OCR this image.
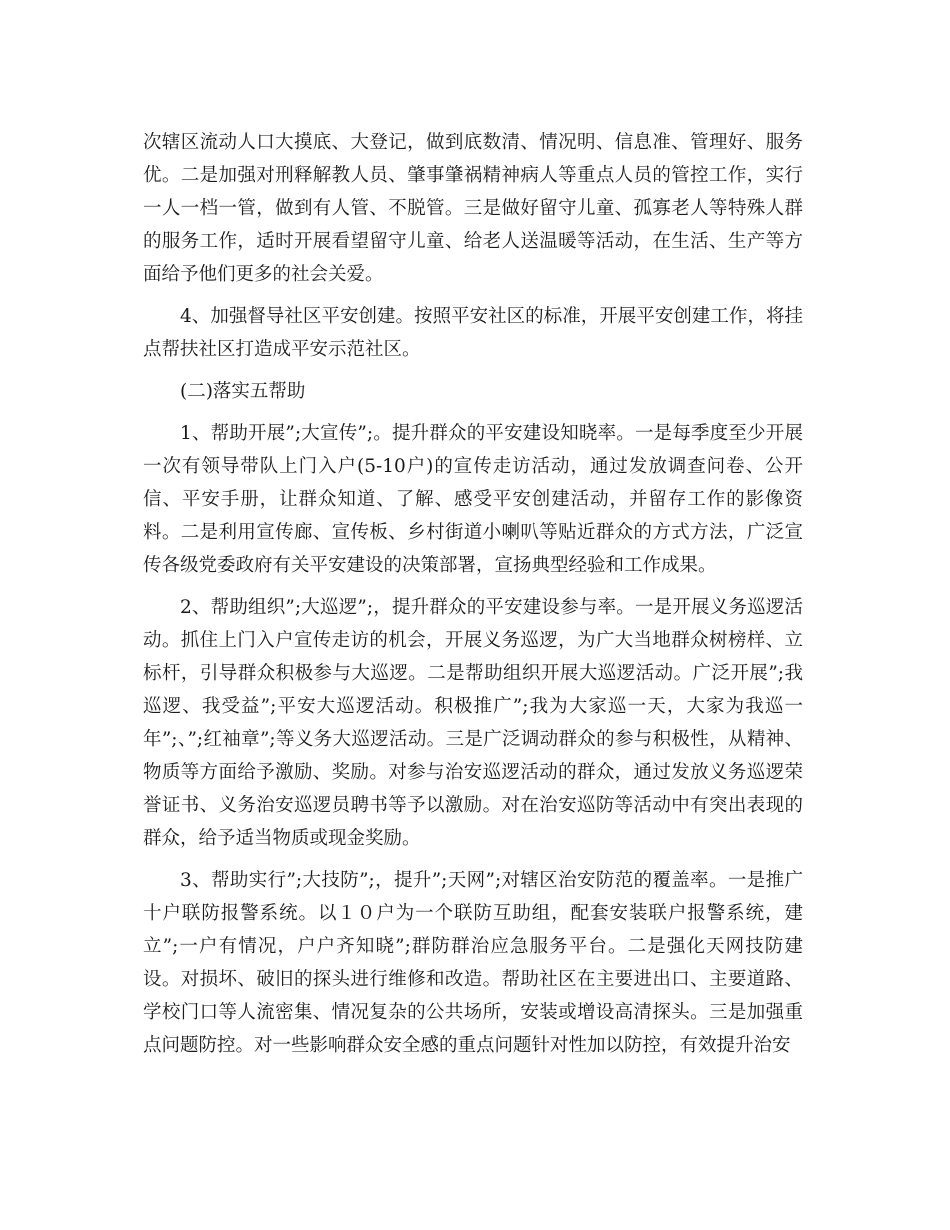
次辖区流动人口大摸底、大登记，做到底数清、情况明、信息准、管理好、服务优。二是加强对刑释解教人员、肇事肇祸精神病人等重点人员的管控工作，实行一人一档一管，做到有人管、不脱管。三是做好留守儿童、孤寡老人等特殊人群的服务工作，适时开展看望留守儿童、给老人送温暖等活动，在生活、生产等方面给予他们更多的社会关爱。

4、加强督导社区平安创建。按照平安社区的标准，开展平安创建工作，将挂点帮扶社区打造成平安示范社区。

(二)落实五帮助

1、帮助开展”;大宣传”;。提升群众的平安建设知晓率。一是每季度至少开展一次有领导带队上门入户(5-10户)的宣传走访活动，通过发放调查问卷、公开信、平安手册，让群众知道、了解、感受平安创建活动，并留存工作的影像资料。二是利用宣传廊、宣传板、乡村街道小喇叭等贴近群众的方式方法，广泛宣传各级党委政府有关平安建设的决策部署，宣扬典型经验和工作成果。

2、帮助组织”;大巡逻”;，提升群众的平安建设参与率。一是开展义务巡逻活动。抓住上门入户宣传走访的机会，开展义务巡逻，为广大当地群众树榜样、立标杆，引导群众积极参与大巡逻。二是帮助组织开展大巡逻活动。广泛开展”;我巡逻、我受益”;平安大巡逻活动。积极推广”;我为大家巡一天，大家为我巡一年”;、”;红袖章”;等义务大巡逻活动。三是广泛调动群众的参与积极性，从精神、物质等方面给予激励、奖励。对参与治安巡逻活动的群众，通过发放义务巡逻荣誉证书、义务治安巡逻员聘书等予以激励。对在治安巡防等活动中有突出表现的群众，给予适当物质或现金奖励。

3、帮助实行”;大技防”;，提升”;天网”;对辖区治安防范的覆盖率。一是推广十户联防报警系统。以１０户为一个联防互助组，配套安装联户报警系统，建立”;一户有情况，户户齐知晓”;群防群治应急服务平台。二是强化天网技防建设。对损坏、破旧的探头进行维修和改造。帮助社区在主要进出口、主要道路、学校门口等人流密集、情况复杂的公共场所，安装或增设高清探头。三是加强重点问题防控。对一些影响群众安全感的重点问题针对性加以防控，有效提升治安
